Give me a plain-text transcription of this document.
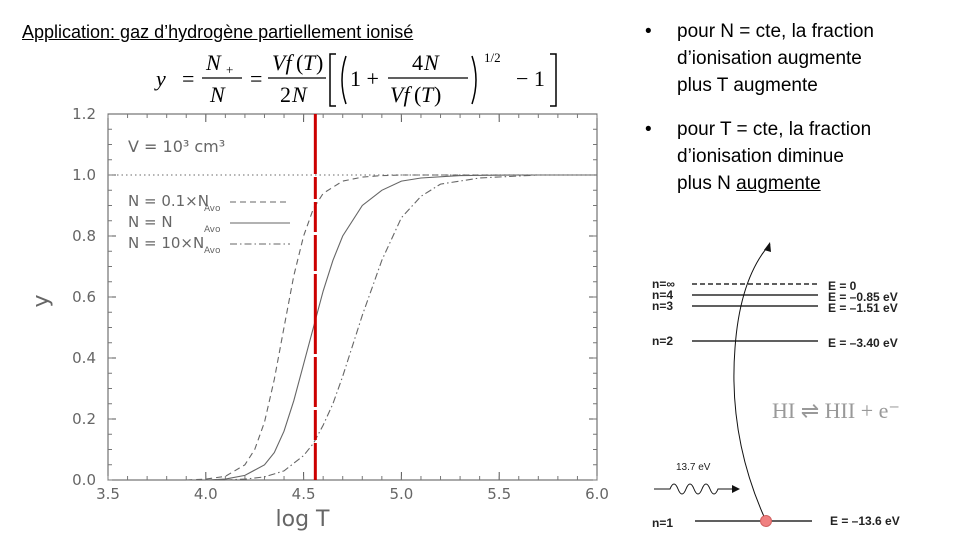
Application: gaz d’hydrogène partiellement ionisé
y =
N +
N
=
Vf ( T )
2 N
1 +
4 N
Vf ( T )
1/2
− 1
• pour N = cte, la fraction
d’ionisation augmente
plus T augmente
• pour T = cte, la fraction
d’ionisation diminue
plus N augmente
3.5	4.0	4.5	5.0	5.5	6.0
0.0
0.2
0.4
0.6
0.8
1.0
1.2
log T
y
V = 10³ cm³
N = 0.1×N
Avo
N = N	Avo
N = 10×N Avo
n=∞	E = 0
n=4	E = –0.85 eV
n=3	E = –1.51 eV
n=2	E = –3.40 eV
n=1	E = –13.6 eV
HI ⇌ HII + e⁻
13.7 eV
